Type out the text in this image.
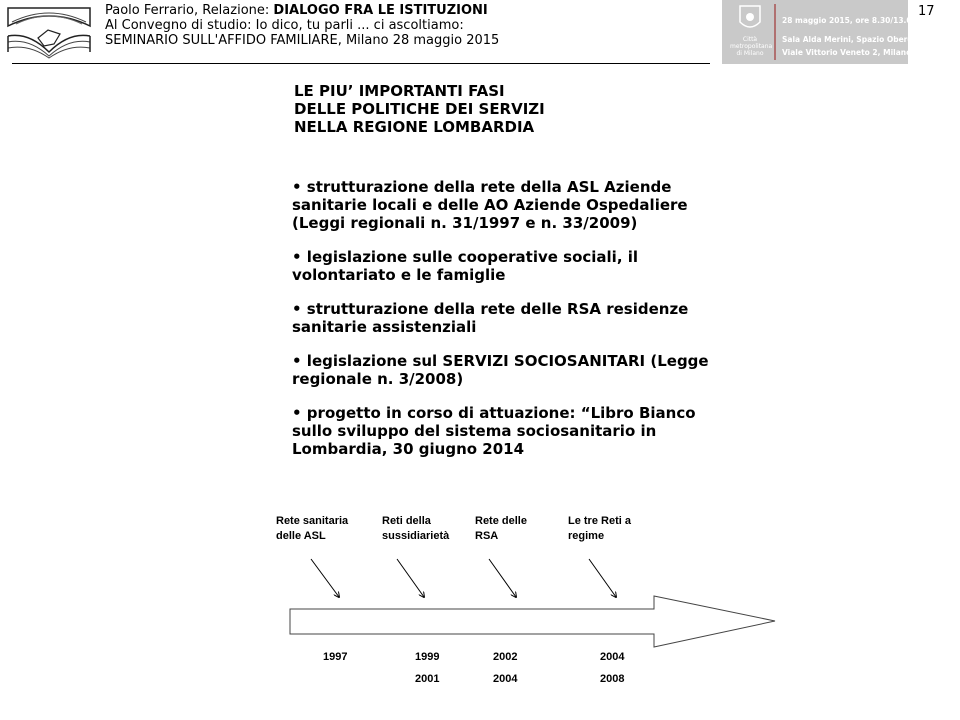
Paolo Ferrario, Relazione: DIALOGO FRA LE ISTITUZIONI
Al Convegno di studio: Io dico, tu parli ... ci ascoltiamo:
SEMINARIO SULL'AFFIDO FAMILIARE, Milano 28 maggio 2015	Città metropolitana di Milano
28 maggio 2015, ore 8.30/13.00
Sala Alda Merini, Spazio Oberdan
Viale Vittorio Veneto 2, Milano
17
LE PIU’ IMPORTANTI FASI
DELLE POLITICHE DEI SERVIZI
NELLA REGIONE LOMBARDIA
• strutturazione della rete della ASL Aziende sanitarie locali e delle AO Aziende Ospedaliere (Leggi regionali n. 31/1997 e n. 33/2009)
• legislazione sulle cooperative sociali, il volontariato e le famiglie
• strutturazione della rete delle RSA residenze sanitarie assistenziali
• legislazione sul SERVIZI SOCIOSANITARI (Legge regionale n. 3/2008)
• progetto in corso di attuazione: “Libro Bianco sullo sviluppo del sistema sociosanitario in Lombardia, 30 giugno 2014
Rete sanitaria
delle ASL
Reti della
sussidiarietà
Rete delle
RSA
Le tre Reti a
regime
1997	1999
2001
2002
2004
2004
2008
